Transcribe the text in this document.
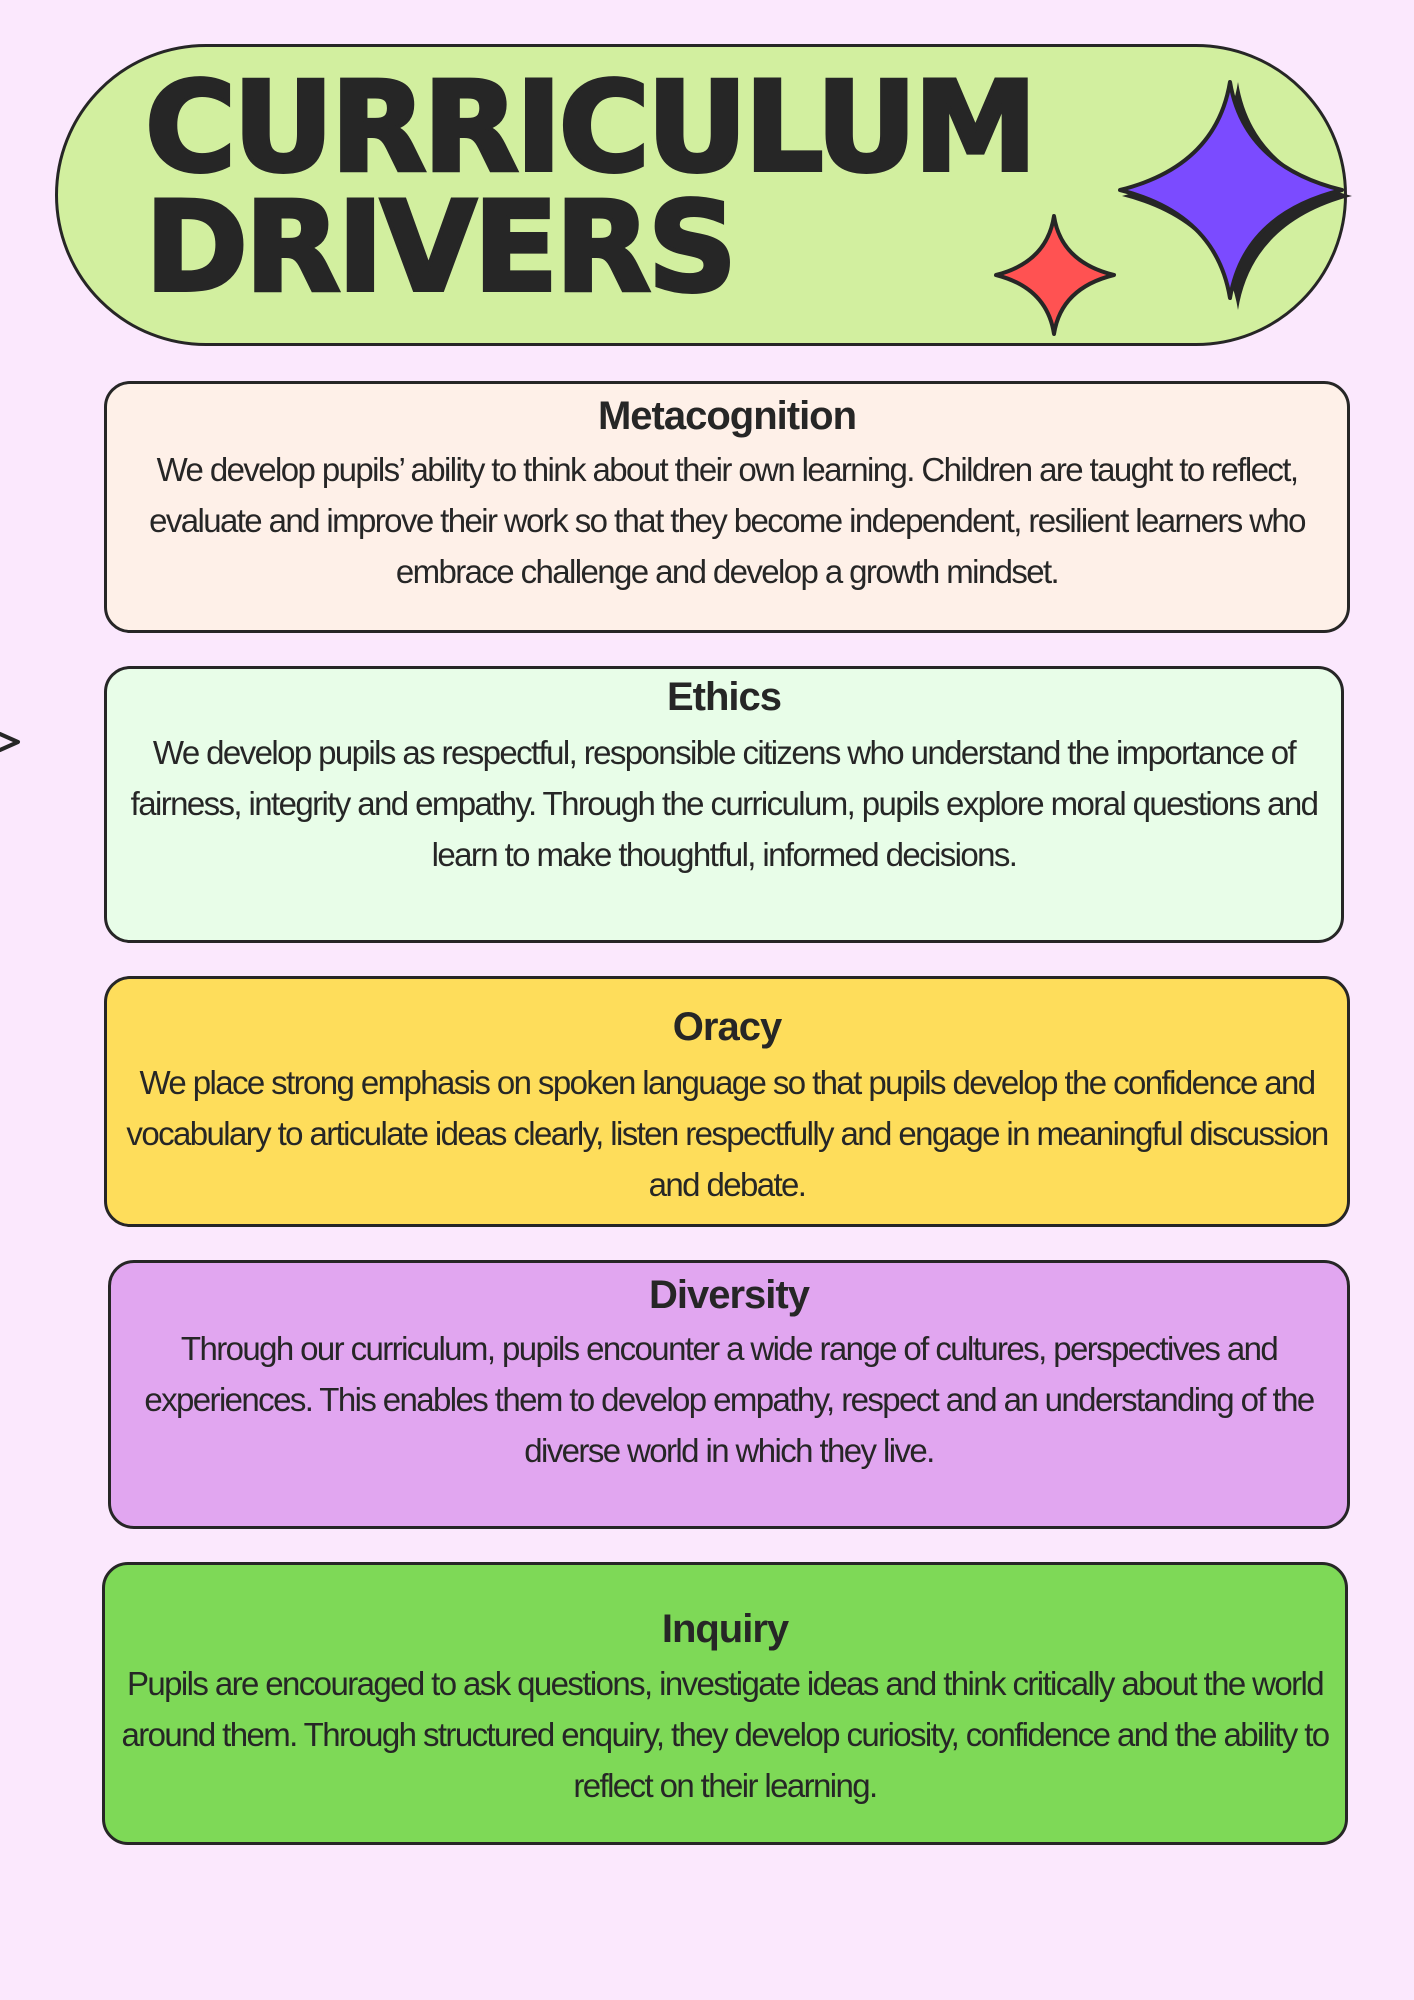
CURRICULUM
DRIVERS
Metacognition

We develop pupils’ ability to think about their own learning. Children are taught to reflect, evaluate and improve their work so that they become independent, resilient learners who embrace challenge and develop a growth mindset.

Ethics

We develop pupils as respectful, responsible citizens who understand the importance of fairness, integrity and empathy. Through the curriculum, pupils explore moral questions and learn to make thoughtful, informed decisions.

Oracy

We place strong emphasis on spoken language so that pupils develop the confidence and vocabulary to articulate ideas clearly, listen respectfully and engage in meaningful discussion and debate.

Diversity

Through our curriculum, pupils encounter a wide range of cultures, perspectives and experiences. This enables them to develop empathy, respect and an understanding of the diverse world in which they live.

Inquiry

Pupils are encouraged to ask questions, investigate ideas and think critically about the world around them. Through structured enquiry, they develop curiosity, confidence and the ability to reflect on their learning.
